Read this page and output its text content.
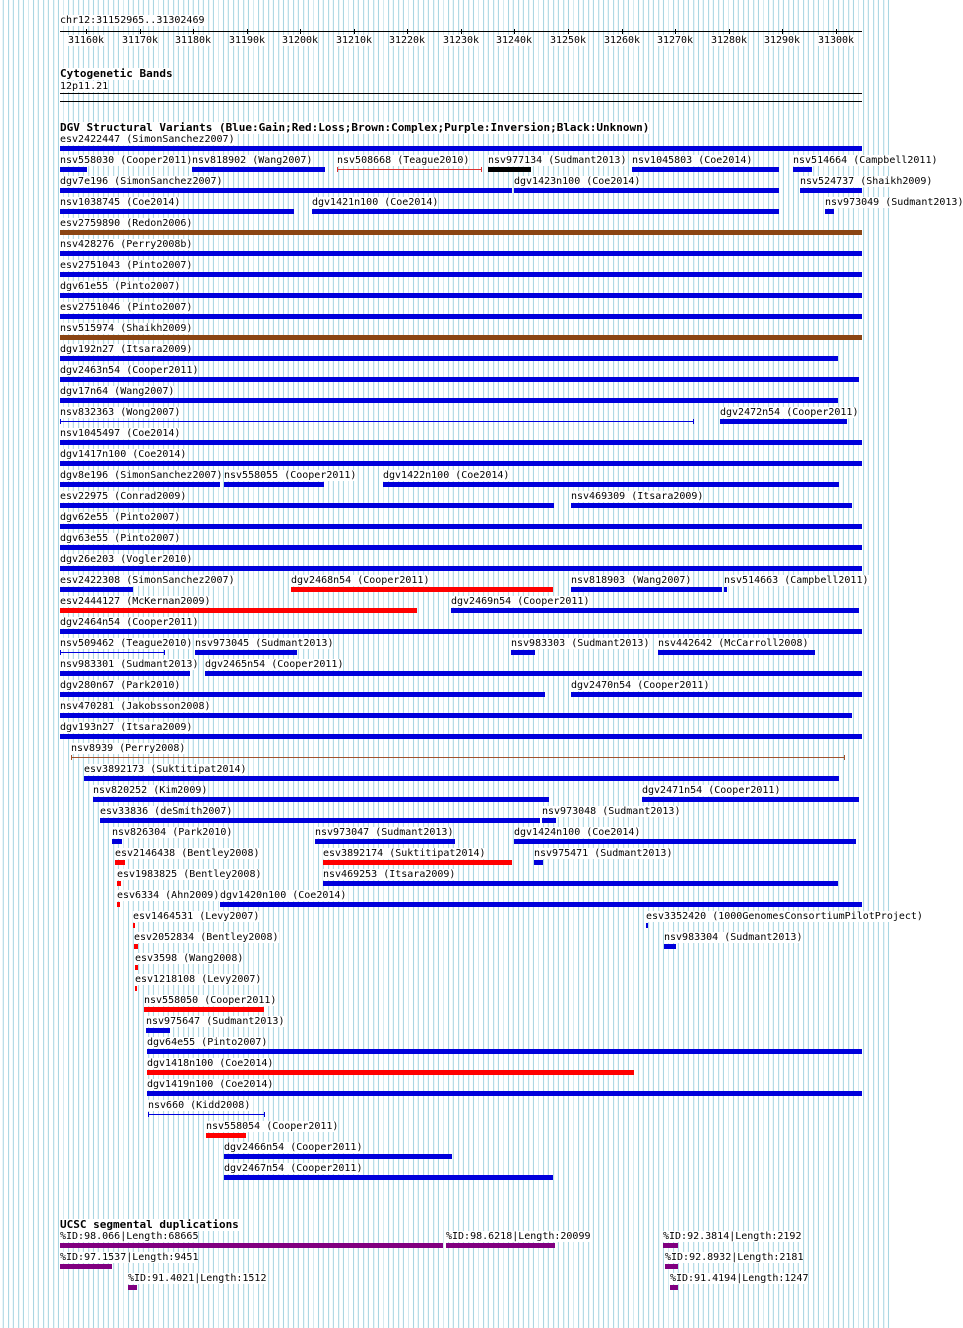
chr12:31152965..31302469
31160k 31170k 31180k 31190k 31200k 31210k 31220k 31230k 31240k 31250k 31260k 31270k 31280k 31290k 31300k
Cytogenetic Bands
12p11.21
DGV Structural Variants (Blue:Gain;Red:Loss;Brown:Complex;Purple:Inversion;Black:Unknown)
esv2422447 (SimonSanchez2007)
nsv558030 (Cooper2011) nsv818902 (Wang2007) nsv508668 (Teague2010) nsv977134 (Sudmant2013) nsv1045803 (Coe2014)	nsv514664 (Campbell2011)
dgv7e196 (SimonSanchez2007)	dgv1423n100 (Coe2014)	nsv524737 (Shaikh2009)
nsv1038745 (Coe2014)	dgv1421n100 (Coe2014)	nsv973049 (Sudmant2013)
esv2759890 (Redon2006)
nsv428276 (Perry2008b)
esv2751043 (Pinto2007)
dgv61e55 (Pinto2007)
esv2751046 (Pinto2007)
nsv515974 (Shaikh2009)
dgv192n27 (Itsara2009)
dgv2463n54 (Cooper2011)
dgv17n64 (Wang2007)
nsv832363 (Wong2007)	dgv2472n54 (Cooper2011)
nsv1045497 (Coe2014)
dgv1417n100 (Coe2014)
dgv8e196 (SimonSanchez2007) nsv558055 (Cooper2011)	dgv1422n100 (Coe2014)
esv22975 (Conrad2009)	nsv469309 (Itsara2009)
dgv62e55 (Pinto2007)
dgv63e55 (Pinto2007)
dgv26e203 (Vogler2010)
esv2422308 (SimonSanchez2007)	dgv2468n54 (Cooper2011)	nsv818903 (Wang2007)	nsv514663 (Campbell2011)
esv2444127 (McKernan2009)	dgv2469n54 (Cooper2011)
dgv2464n54 (Cooper2011)
nsv509462 (Teague2010) nsv973045 (Sudmant2013)	nsv983303 (Sudmant2013) nsv442642 (McCarroll2008)
nsv983301 (Sudmant2013) dgv2465n54 (Cooper2011)
dgv280n67 (Park2010)	dgv2470n54 (Cooper2011)
nsv470281 (Jakobsson2008)
dgv193n27 (Itsara2009)
nsv8939 (Perry2008)
esv3892173 (Suktitipat2014)
nsv820252 (Kim2009)	dgv2471n54 (Cooper2011)
esv33836 (deSmith2007)	nsv973048 (Sudmant2013)
nsv826304 (Park2010)	nsv973047 (Sudmant2013)	dgv1424n100 (Coe2014)
esv2146438 (Bentley2008)	esv3892174 (Suktitipat2014)	nsv975471 (Sudmant2013)
esv1983825 (Bentley2008)	nsv469253 (Itsara2009)
esv6334 (Ahn2009) dgv1420n100 (Coe2014)
esv1464531 (Levy2007)	esv3352420 (1000GenomesConsortiumPilotProject)
esv2052834 (Bentley2008)	nsv983304 (Sudmant2013)
esv3598 (Wang2008)
esv1218108 (Levy2007)
nsv558050 (Cooper2011)
nsv975647 (Sudmant2013)
dgv64e55 (Pinto2007)
dgv1418n100 (Coe2014)
dgv1419n100 (Coe2014)
nsv660 (Kidd2008)
nsv558054 (Cooper2011)
dgv2466n54 (Cooper2011)
dgv2467n54 (Cooper2011)
UCSC segmental duplications
%ID:98.066|Length:68665	%ID:98.6218|Length:20099	%ID:92.3814|Length:2192
%ID:97.1537|Length:9451	%ID:92.8932|Length:2181
%ID:91.4021|Length:1512	%ID:91.4194|Length:1247
